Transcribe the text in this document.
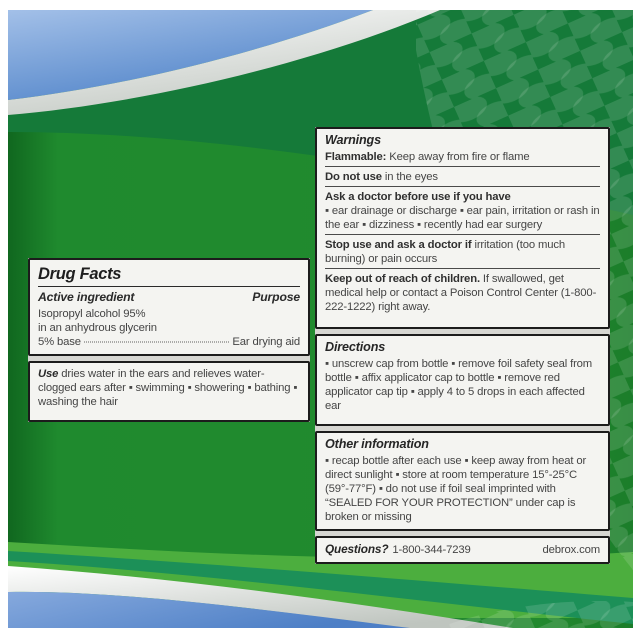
Drug Facts
Active ingredient	Purpose
Isopropyl alcohol 95%
in an anhydrous glycerin
5% base	Ear drying aid
Use dries water in the ears and relieves water-clogged ears after ▪ swimming ▪ showering ▪ bathing ▪ washing the hair
Warnings
Flammable: Keep away from fire or flame
Do not use in the eyes
Ask a doctor before use if you have
▪ ear drainage or discharge ▪ ear pain, irritation or rash in the ear ▪ dizziness ▪ recently had ear surgery
Stop use and ask a doctor if irritation (too much burning) or pain occurs
Keep out of reach of children. If swallowed, get medical help or contact a Poison Control Center (1-800-222-1222) right away.
Directions
▪ unscrew cap from bottle ▪ remove foil safety seal from bottle ▪ affix applicator cap to bottle ▪ remove red applicator cap tip ▪ apply 4 to 5 drops in each affected ear
Other information
▪ recap bottle after each use ▪ keep away from heat or direct sunlight ▪ store at room temperature 15°-25°C (59°-77°F) ▪ do not use if foil seal imprinted with “SEALED FOR YOUR PROTECTION” under cap is broken or missing
Questions? 1-800-344-7239	debrox.com
